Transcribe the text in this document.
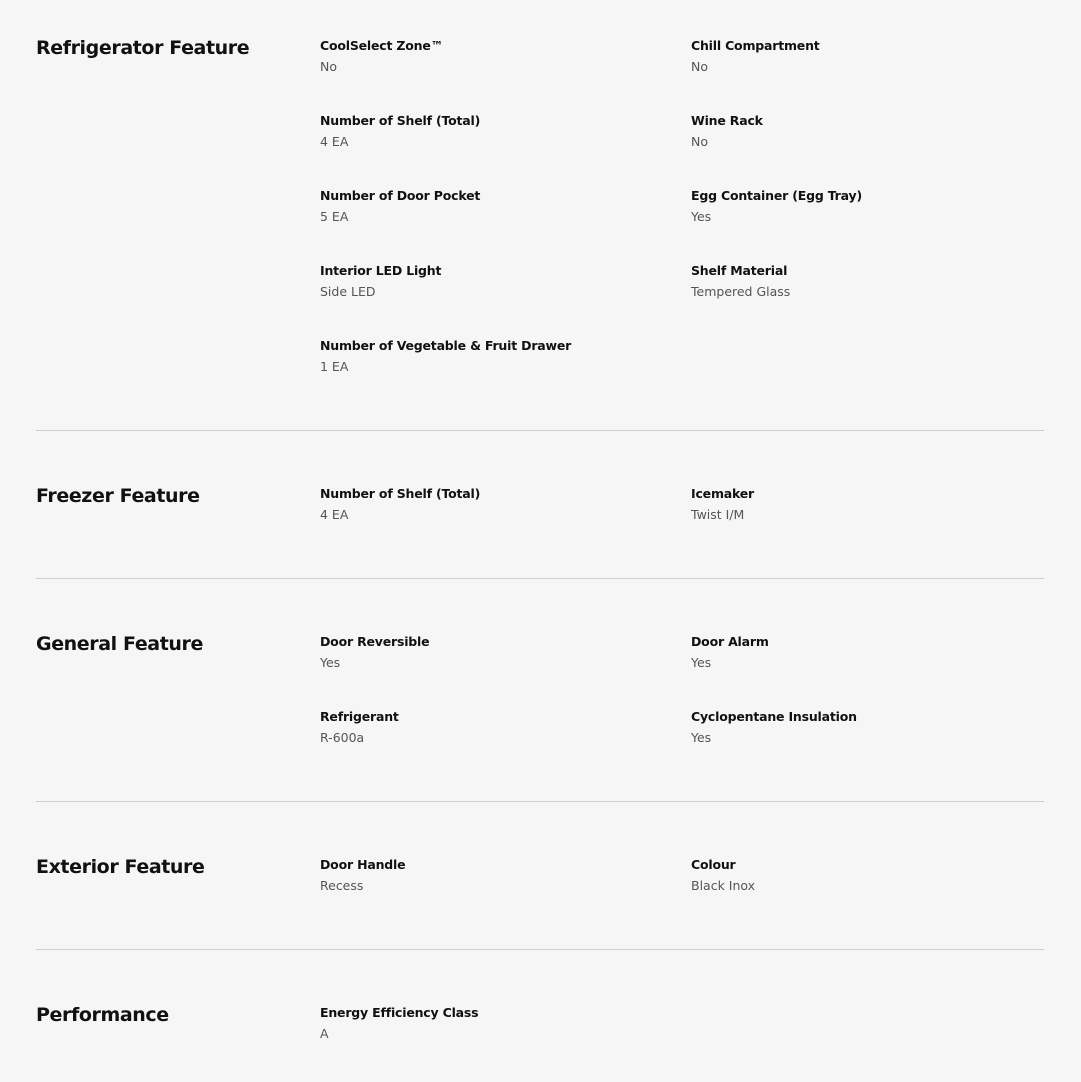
Refrigerator Feature	CoolSelect Zone™
No
Chill Compartment
No
Number of Shelf (Total)
4 EA
Wine Rack
No
Number of Door Pocket
5 EA
Egg Container (Egg Tray)
Yes
Interior LED Light
Side LED
Shelf Material
Tempered Glass
Number of Vegetable & Fruit Drawer
1 EA
Freezer Feature	Number of Shelf (Total)
4 EA
Icemaker
Twist I/M
General Feature	Door Reversible
Yes
Door Alarm
Yes
Refrigerant
R-600a
Cyclopentane Insulation
Yes
Exterior Feature	Door Handle
Recess
Colour
Black Inox
Performance	Energy Efficiency Class
A
